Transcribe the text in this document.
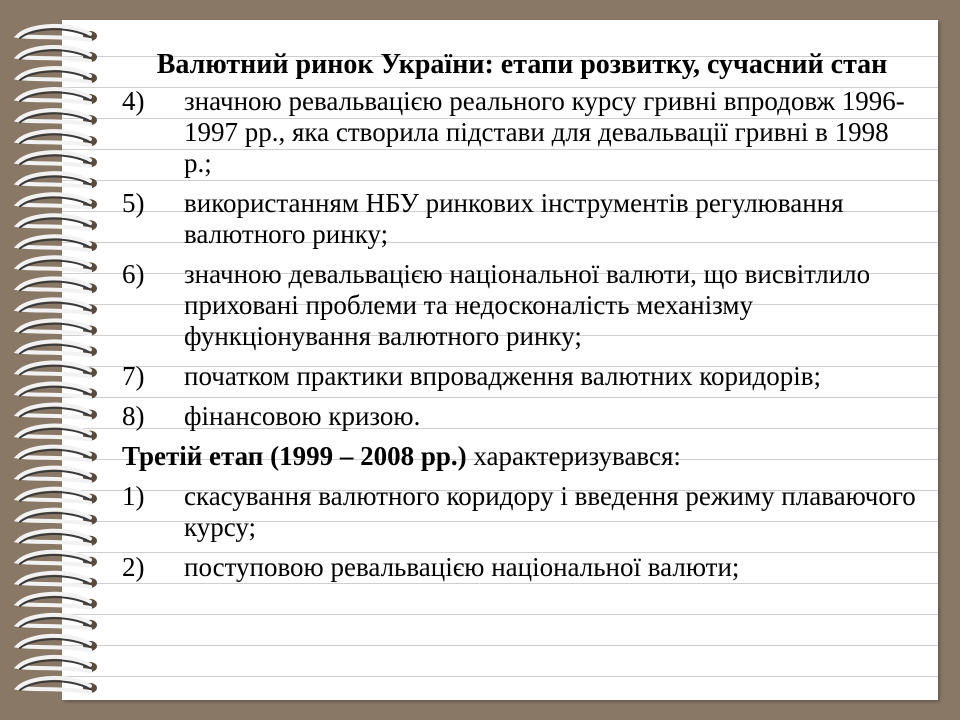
Валютний ринок України: етапи розвитку, сучасний стан
4) значною ревальвацією реального курсу гривні впродовж 1996-1997 рр., яка створила підстави для девальвації гривні в 1998 р.;
5) використанням НБУ ринкових інструментів регулювання валютного ринку;
6) значною девальвацією національної валюти, що висвітлило приховані проблеми та недосконалість механізму функціонування валютного ринку;
7) початком практики впровадження валютних коридорів;
8) фінансовою кризою.
Третій етап (1999 – 2008 рр.) характеризувався:
1) скасування валютного коридору і введення режиму плаваючого курсу;
2) поступовою ревальвацією національної валюти;
